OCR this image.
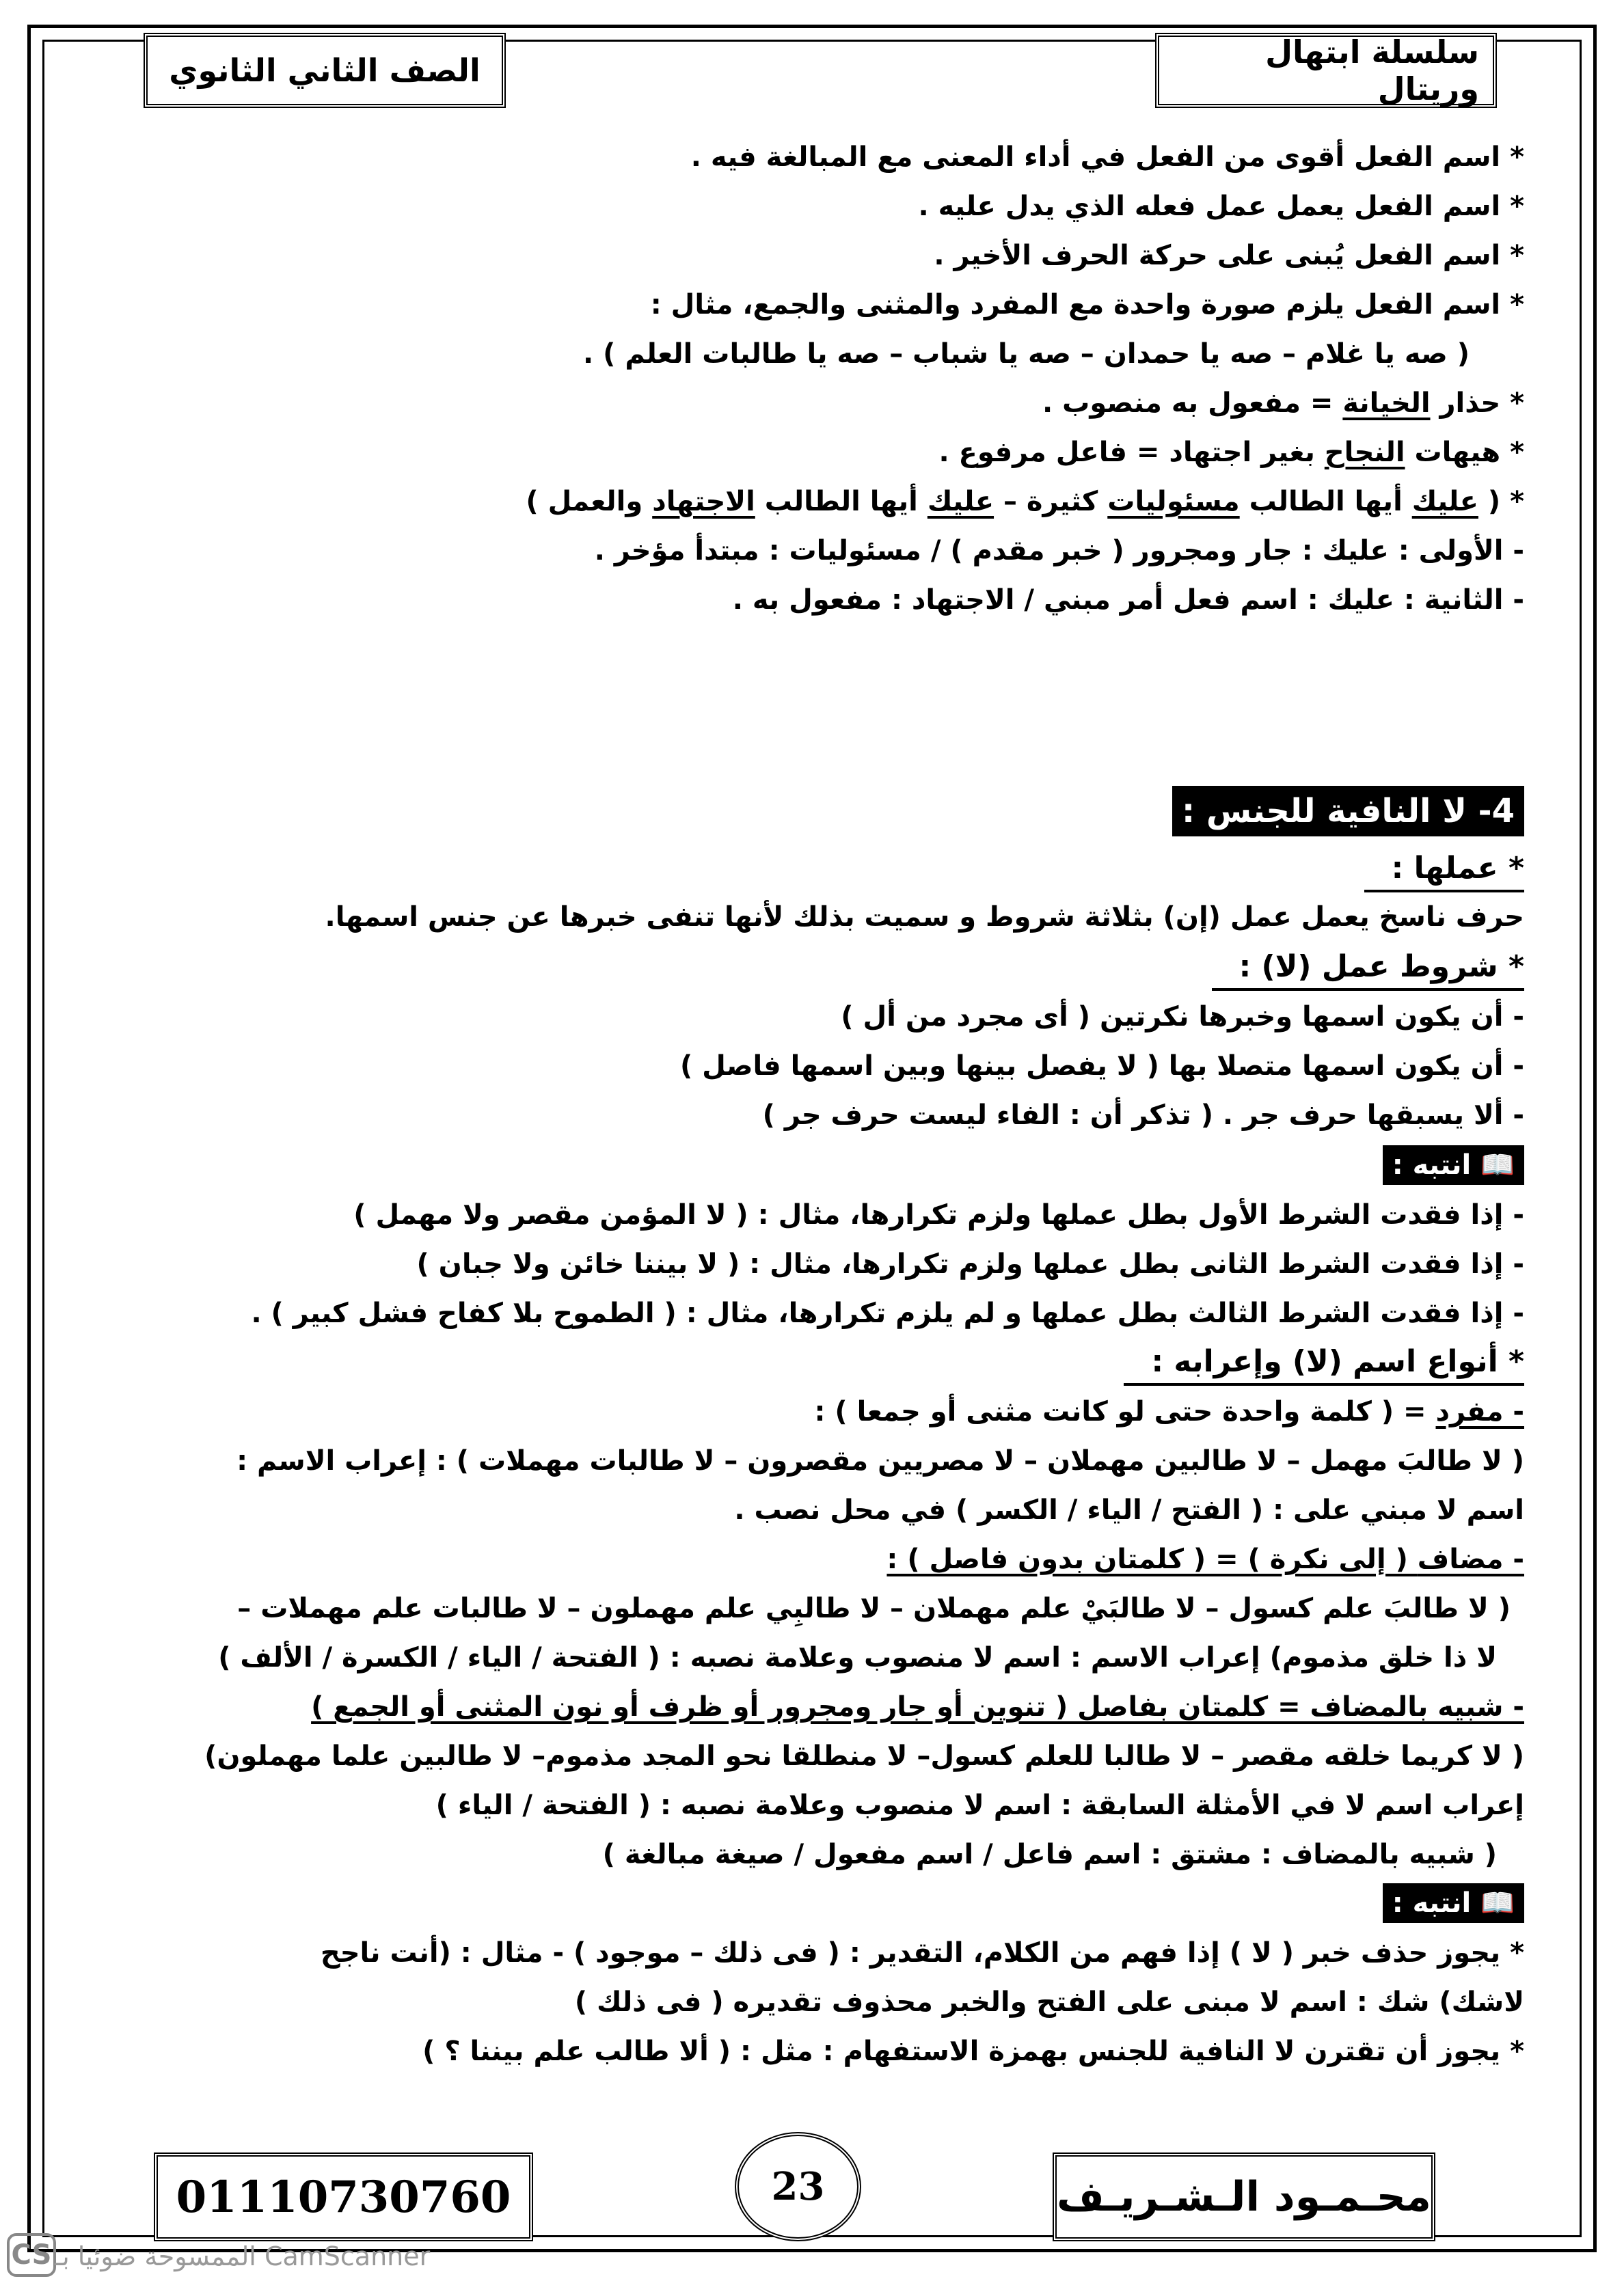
سلسلة ابتهال وريتال
الصف الثاني الثانوي
* اسم الفعل أقوى من الفعل في أداء المعنى مع المبالغة فيه .
* اسم الفعل يعمل عمل فعله الذي يدل عليه .
* اسم الفعل يُبنى على حركة الحرف الأخير .
* اسم الفعل يلزم صورة واحدة مع المفرد والمثنى والجمع، مثال :
( صه يا غلام – صه يا حمدان – صه يا شباب – صه يا طالبات العلم ) .
* حذار الخيانة = مفعول به منصوب .
* هيهات النجاح بغير اجتهاد = فاعل مرفوع .
* ( عليك أيها الطالب مسئوليات كثيرة – عليك أيها الطالب الاجتهاد والعمل )
- الأولى : عليك : جار ومجرور ( خبر مقدم ) / مسئوليات : مبتدأ مؤخر .
- الثانية : عليك : اسم فعل أمر مبني / الاجتهاد : مفعول به .
4- لا النافية للجنس :
* عملها :
حرف ناسخ يعمل عمل (إن) بثلاثة شروط و سميت بذلك لأنها تنفى خبرها عن جنس اسمها.
* شروط عمل (لا) :
- أن يكون اسمها وخبرها نكرتين ( أى مجرد من أل )
- أن يكون اسمها متصلا بها ( لا يفصل بينها وبين اسمها فاصل )
- ألا يسبقها حرف جر . ( تذكر أن : الفاء ليست حرف جر )
📖 انتبه :
- إذا فقدت الشرط الأول بطل عملها ولزم تكرارها، مثال : ( لا المؤمن مقصر ولا مهمل )
- إذا فقدت الشرط الثانى بطل عملها ولزم تكرارها، مثال : ( لا بيننا خائن ولا جبان )
- إذا فقدت الشرط الثالث بطل عملها و لم يلزم تكرارها، مثال : ( الطموح بلا كفاح فشل كبير ) .
* أنواع اسم (لا) وإعرابه :
- مفرد = ( كلمة واحدة حتى لو كانت مثنى أو جمعا ) :
( لا طالبَ مهمل – لا طالبين مهملان – لا مصريين مقصرون – لا طالبات مهملات ) : إعراب الاسم :
اسم لا مبني على : ( الفتح / الياء / الكسر ) في محل نصب .
- مضاف ( إلى نكرة ) = ( كلمتان بدون فاصل ) :
( لا طالبَ علم كسول – لا طالبَيْ علم مهملان – لا طالبِي علم مهملون – لا طالبات علم مهملات –
لا ذا خلق مذموم) إعراب الاسم : اسم لا منصوب وعلامة نصبه : ( الفتحة / الياء / الكسرة / الألف )
- شبيه بالمضاف = كلمتان بفاصل ( تنوين أو جار ومجرور أو ظرف أو نون المثنى أو الجمع )
( لا كريما خلقه مقصر – لا طالبا للعلم كسول– لا منطلقا نحو المجد مذموم– لا طالبين علما مهملون)
إعراب اسم لا في الأمثلة السابقة : اسم لا منصوب وعلامة نصبه : ( الفتحة / الياء )
( شبيه بالمضاف : مشتق : اسم فاعل / اسم مفعول / صيغة مبالغة )
📖 انتبه :
* يجوز حذف خبر ( لا ) إذا فهم من الكلام، التقدير : ( فى ذلك – موجود ) - مثال : (أنت ناجح
لاشك) شك : اسم لا مبنى على الفتح والخبر محذوف تقديره ( فى ذلك )
* يجوز أن تقترن لا النافية للجنس بهمزة الاستفهام : مثل : ( ألا طالب علم بيننا ؟ )
01110730760	23	محـمـود الـشـريـف
CS الممسوحة ضوئيا بـ CamScanner
